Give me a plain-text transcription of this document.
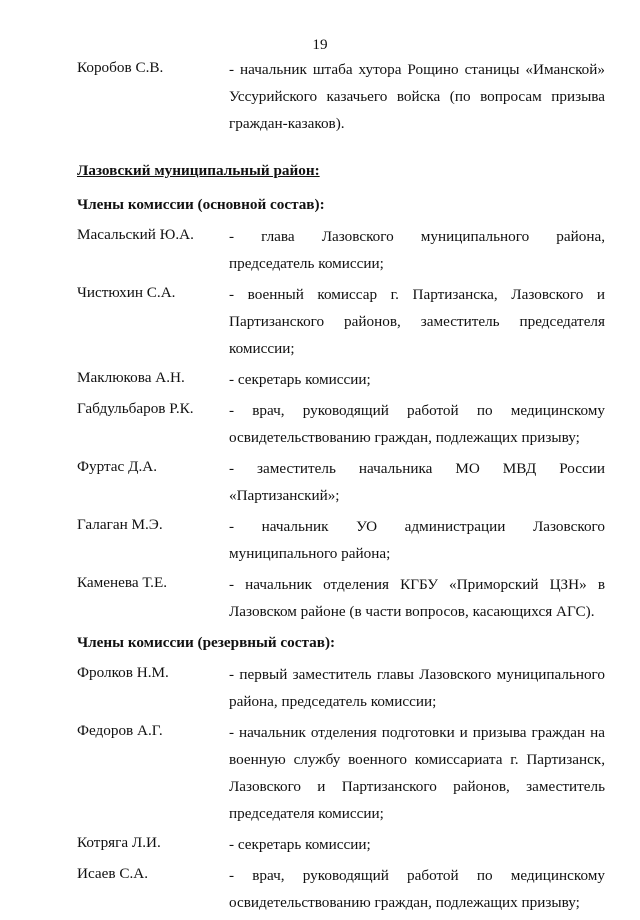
19
Коробов С.В.	- начальник штаба хутора Рощино станицы «Иманской»
Уссурийского казачьего войска (по вопросам призыва
граждан-казаков).
Лазовский муниципальный район:
Члены комиссии (основной состав):
Масальский Ю.А.	- глава Лазовского муниципального района,
председатель комиссии;
Чистюхин С.А.	- военный комиссар г. Партизанска, Лазовского и
Партизанского районов, заместитель председателя
комиссии;
Маклюкова А.Н.	- секретарь комиссии;
Габдульбаров Р.К.	- врач, руководящий работой по медицинскому
освидетельствованию граждан, подлежащих призыву;
Фуртас Д.А.	- заместитель начальника МО МВД России
«Партизанский»;
Галаган М.Э.	- начальник УО администрации Лазовского
муниципального района;
Каменева Т.Е.	- начальник отделения КГБУ «Приморский ЦЗН» в
Лазовском районе (в части вопросов, касающихся АГС).
Члены комиссии (резервный состав):
Фролков Н.М.	- первый заместитель главы Лазовского муниципального
района, председатель комиссии;
Федоров А.Г.	- начальник отделения подготовки и призыва граждан на
военную службу военного комиссариата г. Партизанск,
Лазовского и Партизанского районов, заместитель
председателя комиссии;
Котряга Л.И.	- секретарь комиссии;
Исаев С.А.	- врач, руководящий работой по медицинскому
освидетельствованию граждан, подлежащих призыву;
